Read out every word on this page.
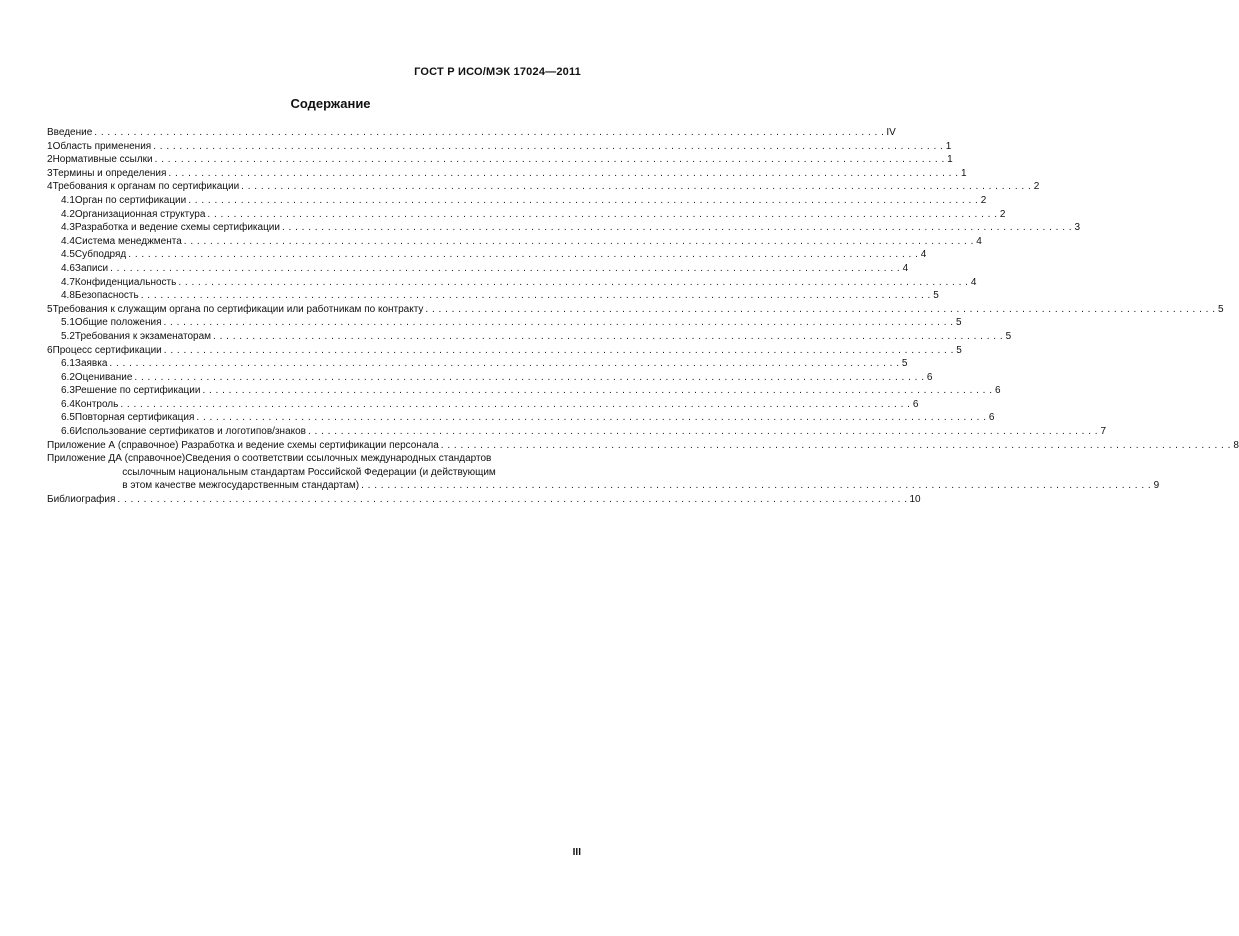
ГОСТ Р ИСО/МЭК 17024—2011
Содержание
Введение . . .	IV
1 Область применения . . .	1
2 Нормативные ссылки . . .	1
3 Термины и определения . . .	1
4 Требования к органам по сертификации . . .	2
4.1 Орган по сертификации . . .	2
4.2 Организационная структура . . .	2
4.3 Разработка и ведение схемы сертификации . . .	3
4.4 Система менеджмента . . .	4
4.5 Субподряд . . .	4
4.6 Записи . . .	4
4.7 Конфиденциальность . . .	4
4.8 Безопасность . . .	5
5 Требования к служащим органа по сертификации или работникам по контракту . . .	5
5.1 Общие положения . . .	5
5.2 Требования к экзаменаторам . . .	5
6 Процесс сертификации . . .	5
6.1 Заявка . . .	5
6.2 Оценивание . . .	6
6.3 Решение по сертификации . . .	6
6.4 Контроль . . .	6
6.5 Повторная сертификация . . .	6
6.6 Использование сертификатов и логотипов/знаков . . .	7
Приложение А (справочное) Разработка и ведение схемы сертификации персонала . . .	8
Приложение ДА (справочное) Сведения о соответствии ссылочных международных стандартов
ссылочным национальным стандартам Российской Федерации (и действующим
в этом качестве межгосударственным стандартам) . . .	9
Библиография . . .	10
III
